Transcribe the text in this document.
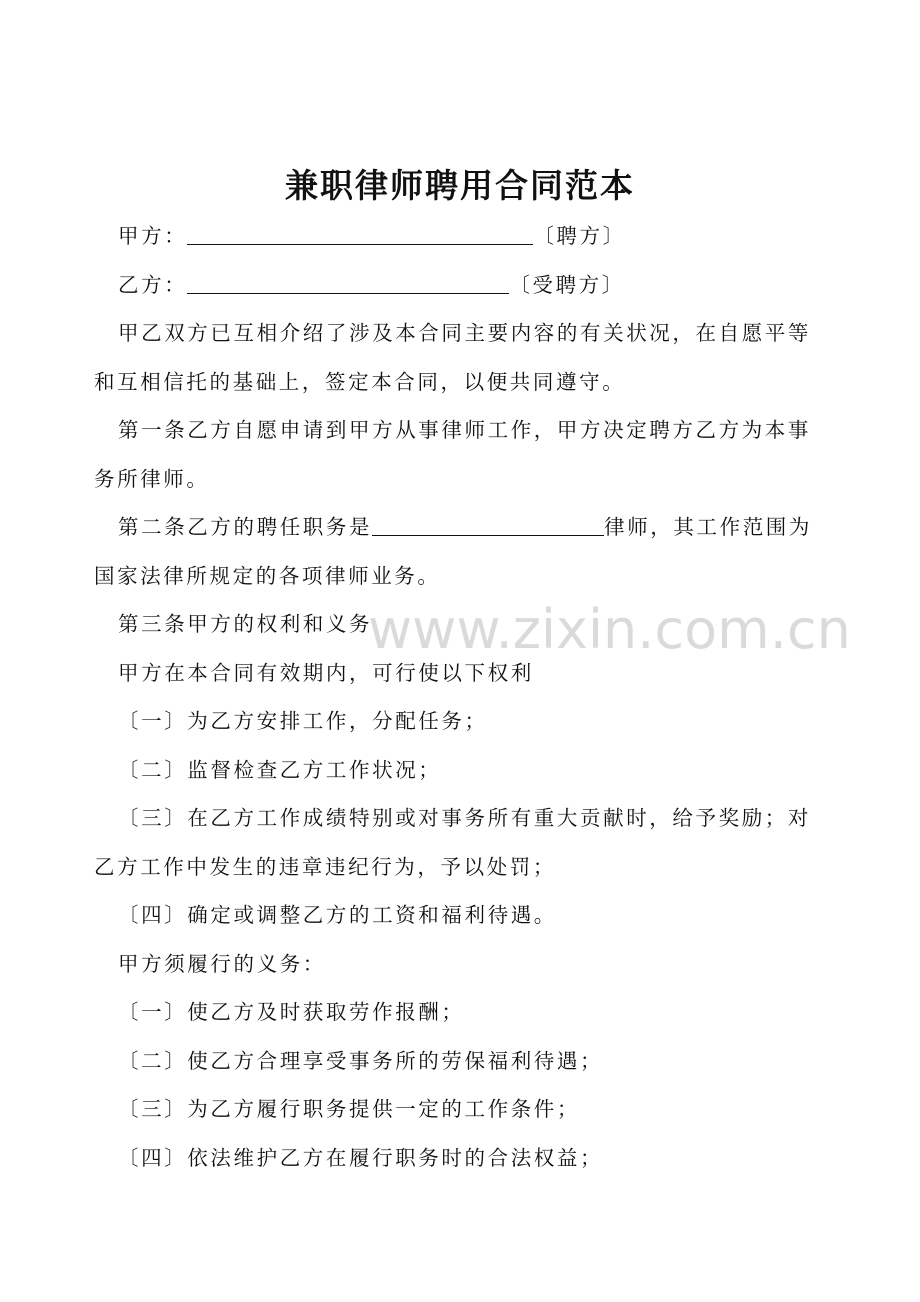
兼职律师聘用合同范本

甲方：	〔聘方〕

乙方：	〔受聘方〕

甲乙双方已互相介绍了涉及本合同主要内容的有关状况，在自愿平等和互相信托的基础上，签定本合同，以便共同遵守。

第一条乙方自愿申请到甲方从事律师工作，甲方决定聘方乙方为本事务所律师。

第二条乙方的聘任职务是	律师，其工作范围为国家法律所规定的各项律师业务。

第三条甲方的权利和义务

甲方在本合同有效期内，可行使以下权利

〔一〕为乙方安排工作，分配任务；

〔二〕监督检查乙方工作状况；

〔三〕在乙方工作成绩特别或对事务所有重大贡献时，给予奖励；对乙方工作中发生的违章违纪行为，予以处罚；

〔四〕确定或调整乙方的工资和福利待遇。

甲方须履行的义务：

〔一〕使乙方及时获取劳作报酬；

〔二〕使乙方合理享受事务所的劳保福利待遇；

〔三〕为乙方履行职务提供一定的工作条件；

〔四〕依法维护乙方在履行职务时的合法权益；

www.zixin.com.cn
